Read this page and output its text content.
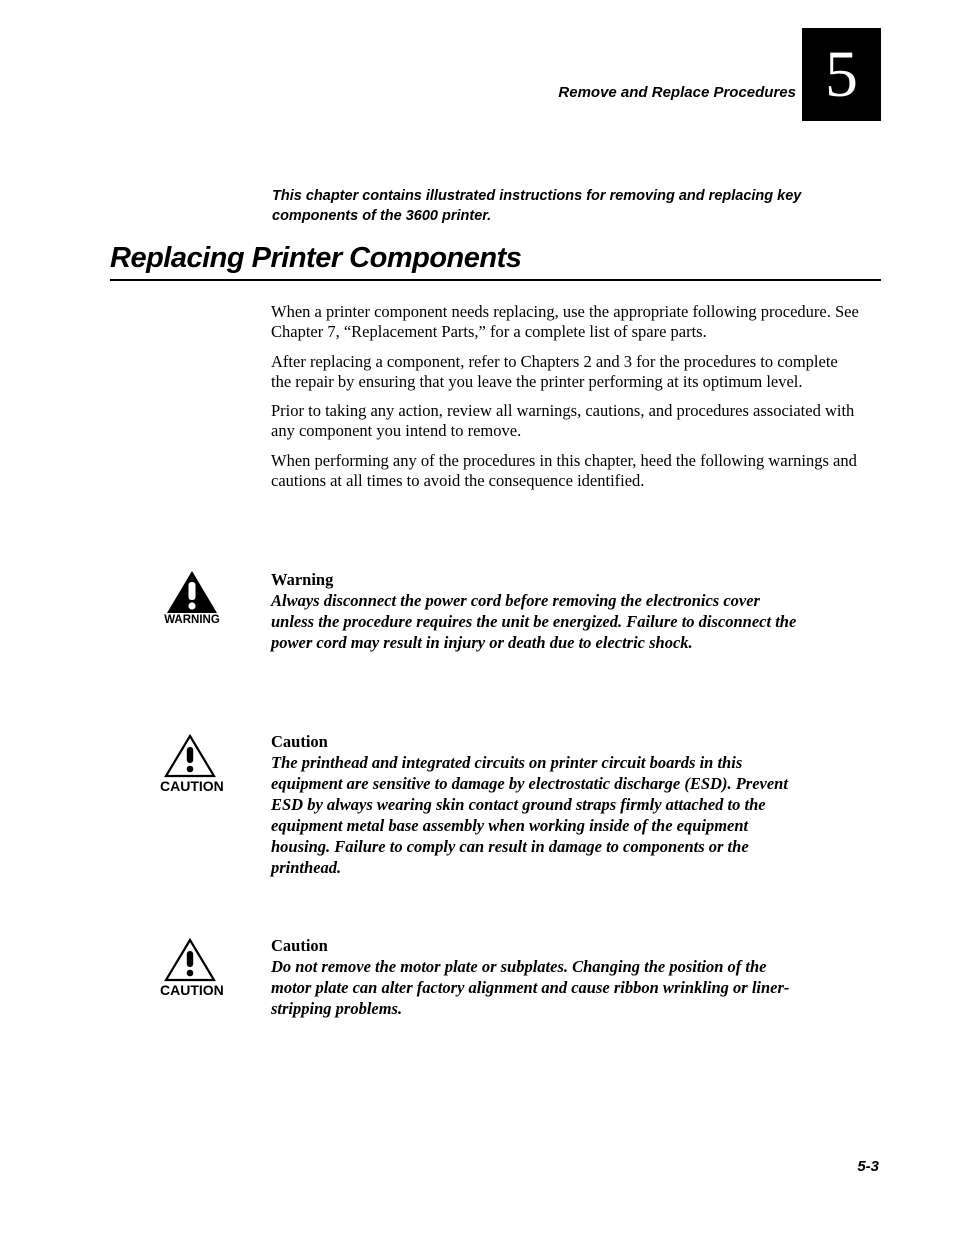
Remove and Replace Procedures 5
This chapter contains illustrated instructions for removing and replacing key components of the 3600 printer.
Replacing Printer Components

When a printer component needs replacing, use the appropriate following procedure. See Chapter 7, “Replacement Parts,” for a complete list of spare parts.

After replacing a component, refer to Chapters 2 and 3 for the procedures to complete the repair by ensuring that you leave the printer performing at its optimum level.

Prior to taking any action, review all warnings, cautions, and procedures associated with any component you intend to remove.

When performing any of the procedures in this chapter, heed the following warnings and cautions at all times to avoid the consequence identified.

WARNING
Warning
Always disconnect the power cord before removing the electronics cover unless the procedure requires the unit be energized. Failure to disconnect the power cord may result in injury or death due to electric shock.
CAUTION
Caution
The printhead and integrated circuits on printer circuit boards in this equipment are sensitive to damage by electrostatic discharge (ESD). Prevent ESD by always wearing skin contact ground straps firmly attached to the equipment metal base assembly when working inside of the equipment housing. Failure to comply can result in damage to components or the printhead.
CAUTION
Caution
Do not remove the motor plate or subplates. Changing the position of the motor plate can alter factory alignment and cause ribbon wrinkling or liner-stripping problems.
5-3
